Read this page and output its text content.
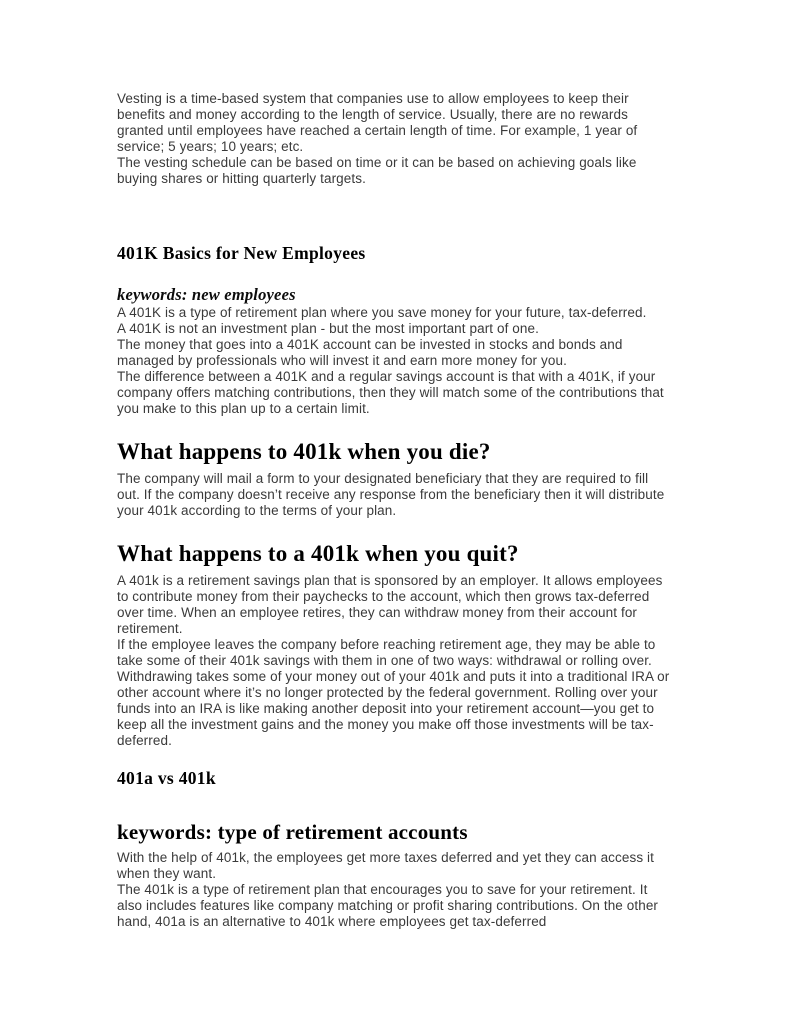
Vesting is a time-based system that companies use to allow employees to keep their benefits and money according to the length of service. Usually, there are no rewards granted until employees have reached a certain length of time. For example, 1 year of service; 5 years; 10 years; etc.

The vesting schedule can be based on time or it can be based on achieving goals like buying shares or hitting quarterly targets.

401K Basics for New Employees
keywords: new employees

A 401K is a type of retirement plan where you save money for your future, tax-deferred.

A 401K is not an investment plan - but the most important part of one.

The money that goes into a 401K account can be invested in stocks and bonds and managed by professionals who will invest it and earn more money for you.

The difference between a 401K and a regular savings account is that with a 401K, if your company offers matching contributions, then they will match some of the contributions that you make to this plan up to a certain limit.

What happens to 401k when you die?

The company will mail a form to your designated beneficiary that they are required to fill out. If the company doesn’t receive any response from the beneficiary then it will distribute your 401k according to the terms of your plan.

What happens to a 401k when you quit?

A 401k is a retirement savings plan that is sponsored by an employer. It allows employees to contribute money from their paychecks to the account, which then grows tax-deferred over time. When an employee retires, they can withdraw money from their account for retirement.

If the employee leaves the company before reaching retirement age, they may be able to take some of their 401k savings with them in one of two ways: withdrawal or rolling over. Withdrawing takes some of your money out of your 401k and puts it into a traditional IRA or other account where it’s no longer protected by the federal government. Rolling over your funds into an IRA is like making another deposit into your retirement account—you get to keep all the investment gains and the money you make off those investments will be tax-deferred.

401a vs 401k
keywords: type of retirement accounts

With the help of 401k, the employees get more taxes deferred and yet they can access it when they want.

The 401k is a type of retirement plan that encourages you to save for your retirement. It also includes features like company matching or profit sharing contributions. On the other hand, 401a is an alternative to 401k where employees get tax-deferred
